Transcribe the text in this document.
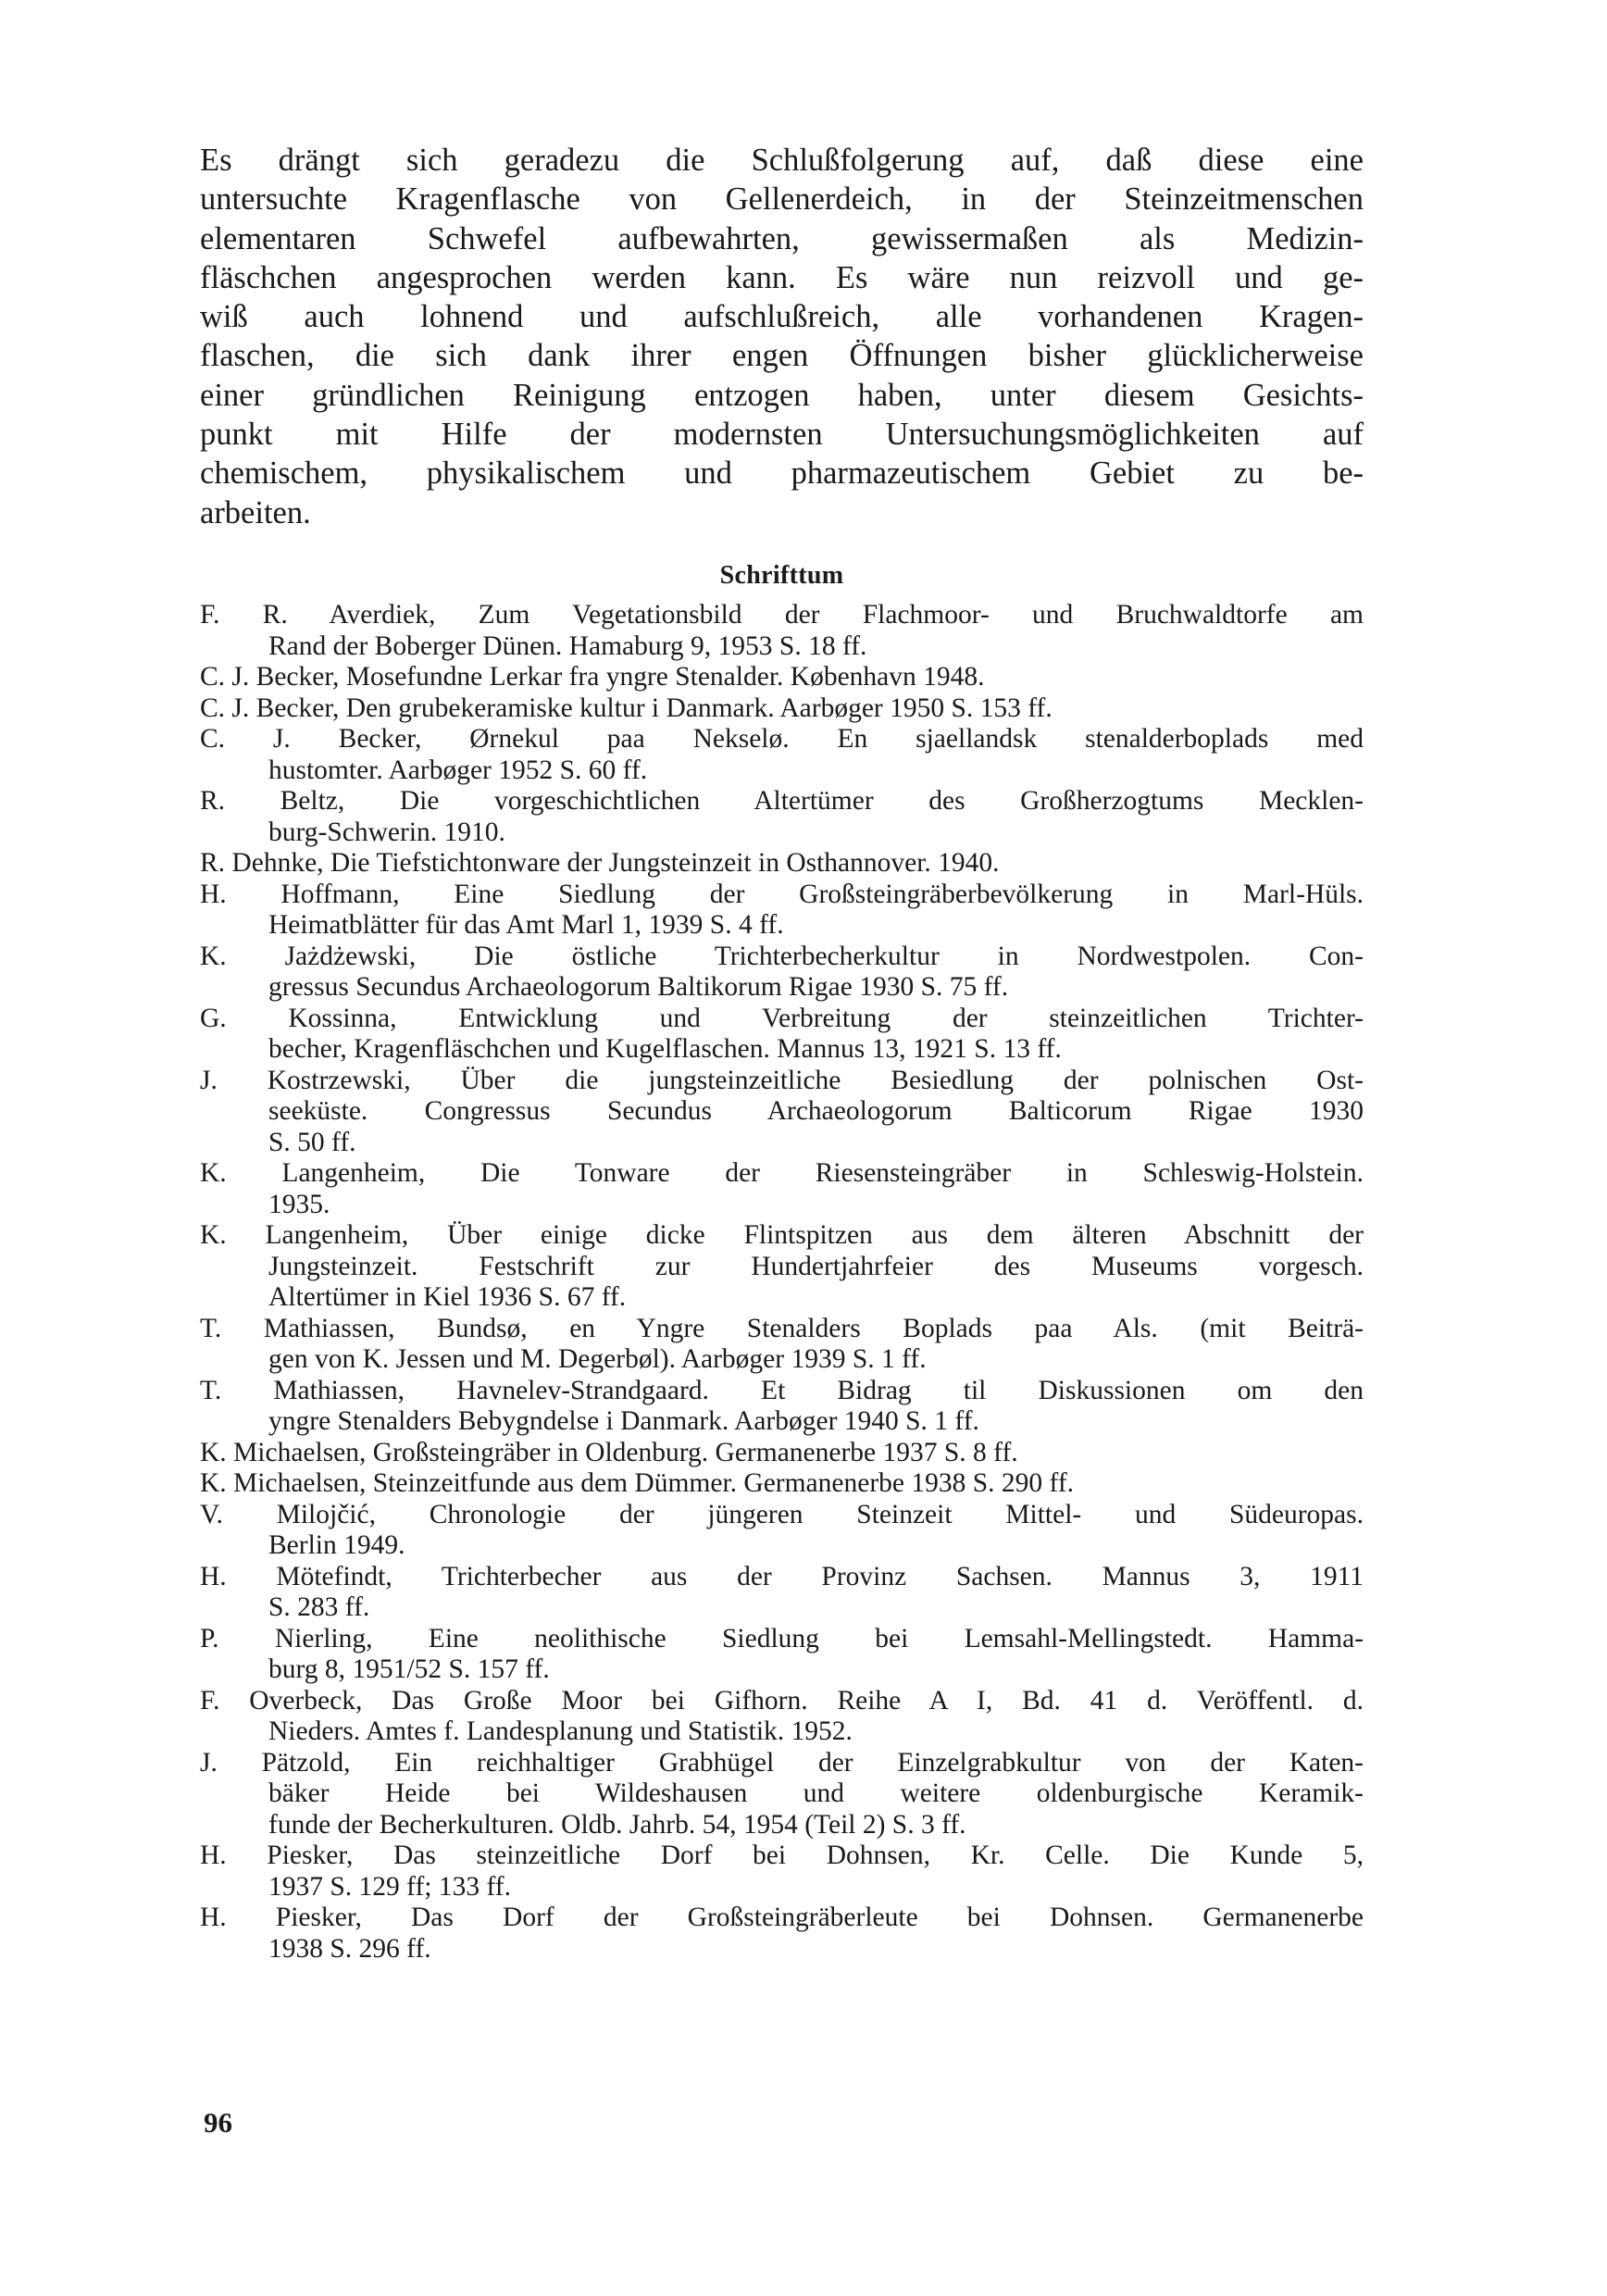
Es drängt sich geradezu die Schlußfolgerung auf, daß diese eine
untersuchte Kragenflasche von Gellenerdeich, in der Steinzeitmenschen
elementaren Schwefel aufbewahrten, gewissermaßen als Medizin-
fläschchen angesprochen werden kann. Es wäre nun reizvoll und ge-
wiß auch lohnend und aufschlußreich, alle vorhandenen Kragen-
flaschen, die sich dank ihrer engen Öffnungen bisher glücklicherweise
einer gründlichen Reinigung entzogen haben, unter diesem Gesichts-
punkt mit Hilfe der modernsten Untersuchungsmöglichkeiten auf
chemischem, physikalischem und pharmazeutischem Gebiet zu be-
arbeiten.
Schrifttum
F. R. Averdiek, Zum Vegetationsbild der Flachmoor- und Bruchwaldtorfe am
Rand der Boberger Dünen. Hamaburg 9, 1953 S. 18 ff.
C. J. Becker, Mosefundne Lerkar fra yngre Stenalder. København 1948.
C. J. Becker, Den grubekeramiske kultur i Danmark. Aarbøger 1950 S. 153 ff.
C. J. Becker, Ørnekul paa Nekselø. En sjaellandsk stenalderboplads med
hustomter. Aarbøger 1952 S. 60 ff.
R. Beltz, Die vorgeschichtlichen Altertümer des Großherzogtums Mecklen-
burg-Schwerin. 1910.
R. Dehnke, Die Tiefstichtonware der Jungsteinzeit in Osthannover. 1940.
H. Hoffmann, Eine Siedlung der Großsteingräberbevölkerung in Marl-Hüls.
Heimatblätter für das Amt Marl 1, 1939 S. 4 ff.
K. Jażdżewski, Die östliche Trichterbecherkultur in Nordwestpolen. Con-
gressus Secundus Archaeologorum Baltikorum Rigae 1930 S. 75 ff.
G. Kossinna, Entwicklung und Verbreitung der steinzeitlichen Trichter-
becher, Kragenfläschchen und Kugelflaschen. Mannus 13, 1921 S. 13 ff.
J. Kostrzewski, Über die jungsteinzeitliche Besiedlung der polnischen Ost-
seeküste. Congressus Secundus Archaeologorum Balticorum Rigae 1930
S. 50 ff.
K. Langenheim, Die Tonware der Riesensteingräber in Schleswig-Holstein.
1935.
K. Langenheim, Über einige dicke Flintspitzen aus dem älteren Abschnitt der
Jungsteinzeit. Festschrift zur Hundertjahrfeier des Museums vorgesch.
Altertümer in Kiel 1936 S. 67 ff.
T. Mathiassen, Bundsø, en Yngre Stenalders Boplads paa Als. (mit Beiträ-
gen von K. Jessen und M. Degerbøl). Aarbøger 1939 S. 1 ff.
T. Mathiassen, Havnelev-Strandgaard. Et Bidrag til Diskussionen om den
yngre Stenalders Bebygndelse i Danmark. Aarbøger 1940 S. 1 ff.
K. Michaelsen, Großsteingräber in Oldenburg. Germanenerbe 1937 S. 8 ff.
K. Michaelsen, Steinzeitfunde aus dem Dümmer. Germanenerbe 1938 S. 290 ff.
V. Milojčić, Chronologie der jüngeren Steinzeit Mittel- und Südeuropas.
Berlin 1949.
H. Mötefindt, Trichterbecher aus der Provinz Sachsen. Mannus 3, 1911
S. 283 ff.
P. Nierling, Eine neolithische Siedlung bei Lemsahl-Mellingstedt. Hamma-
burg 8, 1951/52 S. 157 ff.
F. Overbeck, Das Große Moor bei Gifhorn. Reihe A I, Bd. 41 d. Veröffentl. d.
Nieders. Amtes f. Landesplanung und Statistik. 1952.
J. Pätzold, Ein reichhaltiger Grabhügel der Einzelgrabkultur von der Katen-
bäker Heide bei Wildeshausen und weitere oldenburgische Keramik-
funde der Becherkulturen. Oldb. Jahrb. 54, 1954 (Teil 2) S. 3 ff.
H. Piesker, Das steinzeitliche Dorf bei Dohnsen, Kr. Celle. Die Kunde 5,
1937 S. 129 ff; 133 ff.
H. Piesker, Das Dorf der Großsteingräberleute bei Dohnsen. Germanenerbe
1938 S. 296 ff.
96
